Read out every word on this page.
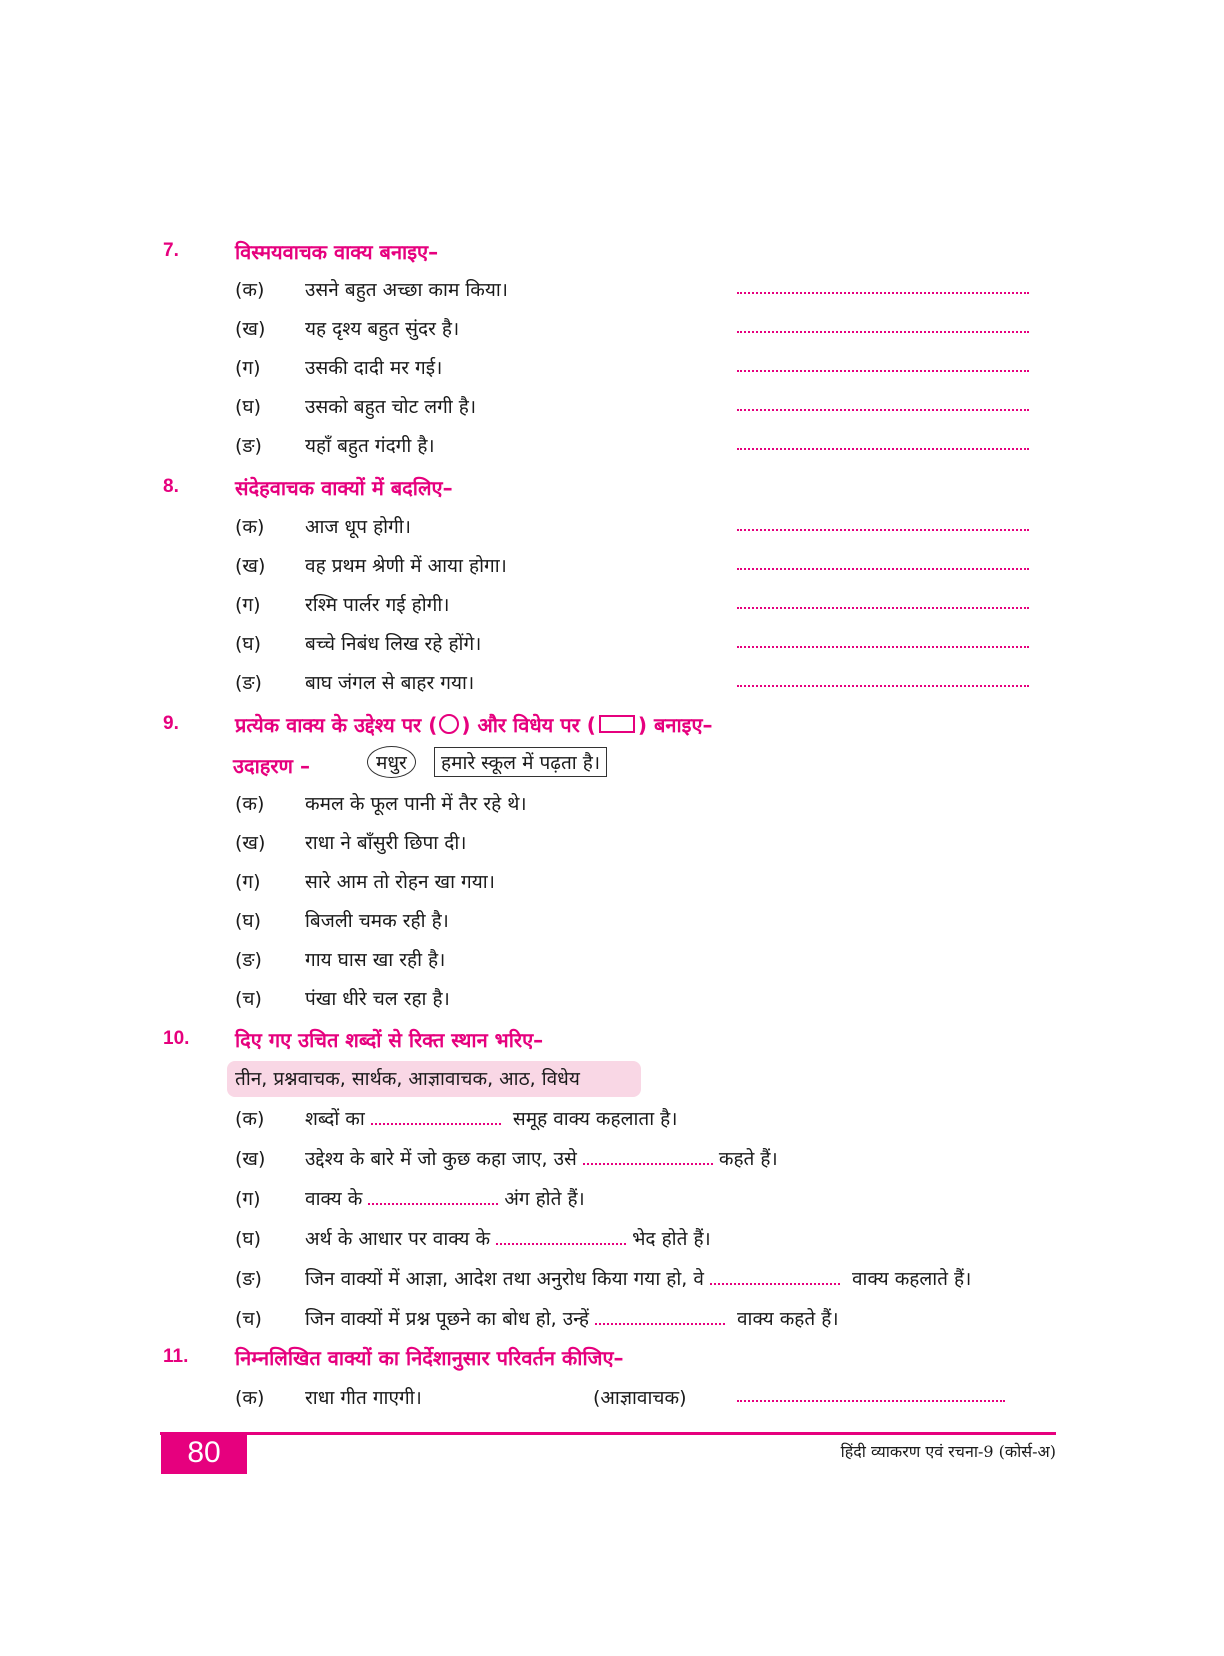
7.	विस्मयवाचक वाक्य बनाइए–
(क) उसने बहुत अच्छा काम किया।
(ख) यह दृश्य बहुत सुंदर है।
(ग) उसकी दादी मर गई।
(घ) उसको बहुत चोट लगी है।
(ङ) यहाँ बहुत गंदगी है।
8.	संदेहवाचक वाक्यों में बदलिए–
(क) आज धूप होगी।
(ख) वह प्रथम श्रेणी में आया होगा।
(ग) रश्मि पार्लर गई होगी।
(घ) बच्चे निबंध लिख रहे होंगे।
(ङ) बाघ जंगल से बाहर गया।
9.	प्रत्येक वाक्य के उद्देश्य पर ( ) और विधेय पर ( ) बनाइए–
उदाहरण –	मधुर	हमारे स्कूल में पढ़ता है।
(क) कमल के फूल पानी में तैर रहे थे।
(ख) राधा ने बाँसुरी छिपा दी।
(ग) सारे आम तो रोहन खा गया।
(घ) बिजली चमक रही है।
(ङ) गाय घास खा रही है।
(च) पंखा धीरे चल रहा है।
10. दिए गए उचित शब्दों से रिक्त स्थान भरिए–
तीन, प्रश्नवाचक, सार्थक, आज्ञावाचक, आठ, विधेय
(क) शब्दों का	समूह वाक्य कहलाता है।
(ख) उद्देश्य के बारे में जो कुछ कहा जाए, उसे	कहते हैं।
(ग) वाक्य के	अंग होते हैं।
(घ) अर्थ के आधार पर वाक्य के	भेद होते हैं।
(ङ) जिन वाक्यों में आज्ञा, आदेश तथा अनुरोध किया गया हो, वे	वाक्य कहलाते हैं।
(च) जिन वाक्यों में प्रश्न पूछने का बोध हो, उन्हें	वाक्य कहते हैं।
11. निम्नलिखित वाक्यों का निर्देशानुसार परिवर्तन कीजिए–
(क) राधा गीत गाएगी।	(आज्ञावाचक)
80	हिंदी व्याकरण एवं रचना-9 (कोर्स-अ)
